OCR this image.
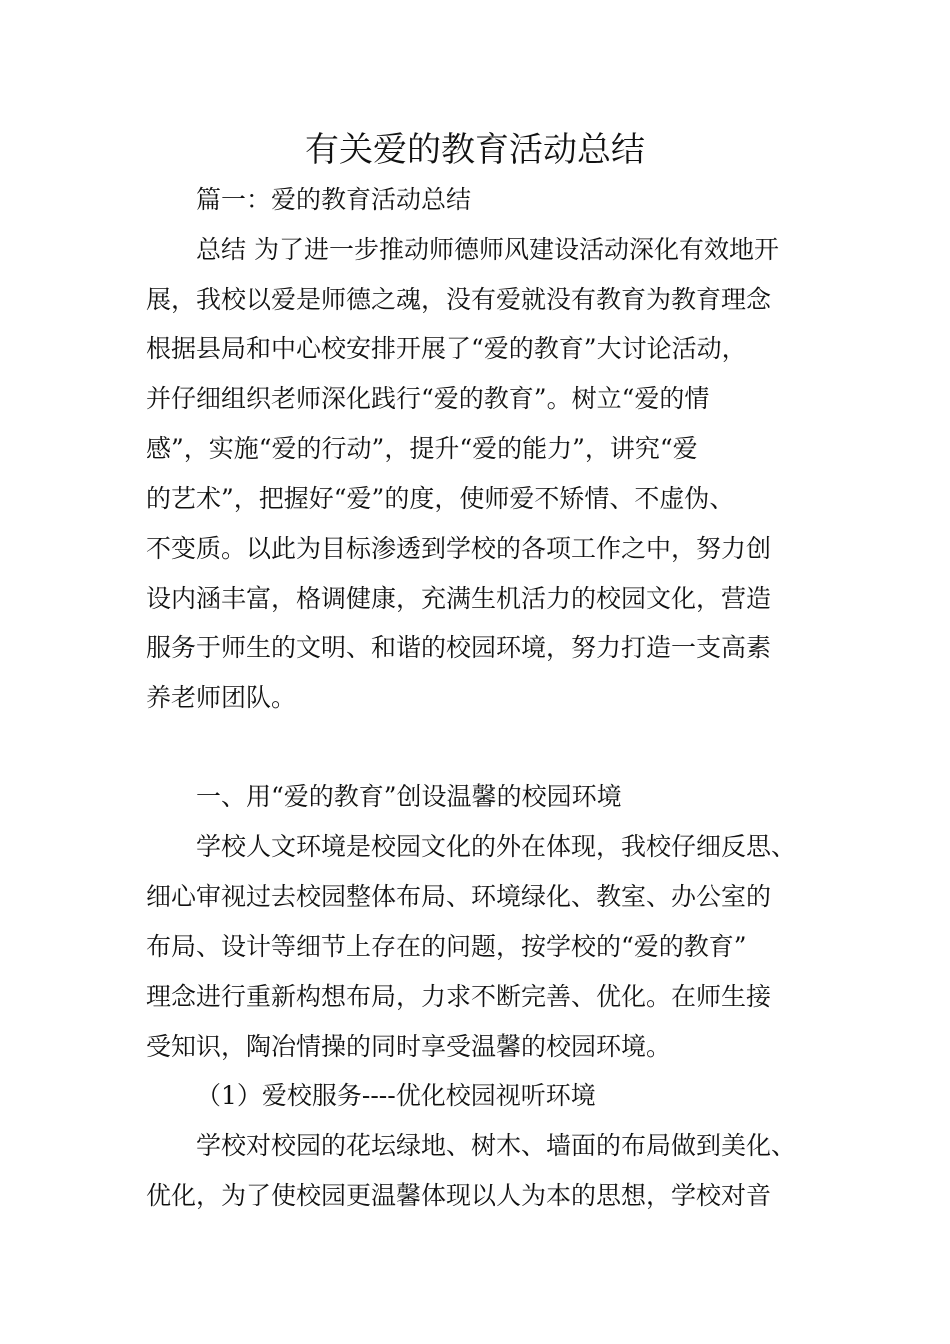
有关爱的教育活动总结
篇一：爱的教育活动总结
总结 为了进一步推动师德师风建设活动深化有效地开
展，我校以爱是师德之魂，没有爱就没有教育为教育理念
根据县局和中心校安排开展了“爱的教育”大讨论活动，
并仔细组织老师深化践行“爱的教育”。树立“爱的情
感”，实施“爱的行动”，提升“爱的能力”，讲究“爱
的艺术”，把握好“爱”的度，使师爱不矫情、不虚伪、
不变质。以此为目标渗透到学校的各项工作之中，努力创
设内涵丰富，格调健康，充满生机活力的校园文化，营造
服务于师生的文明、和谐的校园环境，努力打造一支高素
养老师团队。
一、用“爱的教育”创设温馨的校园环境
学校人文环境是校园文化的外在体现，我校仔细反思、
细心审视过去校园整体布局、环境绿化、教室、办公室的
布局、设计等细节上存在的问题，按学校的“爱的教育”
理念进行重新构想布局，力求不断完善、优化。在师生接
受知识，陶冶情操的同时享受温馨的校园环境。
（1）爱校服务----优化校园视听环境
学校对校园的花坛绿地、树木、墙面的布局做到美化、
优化，为了使校园更温馨体现以人为本的思想，学校对音
